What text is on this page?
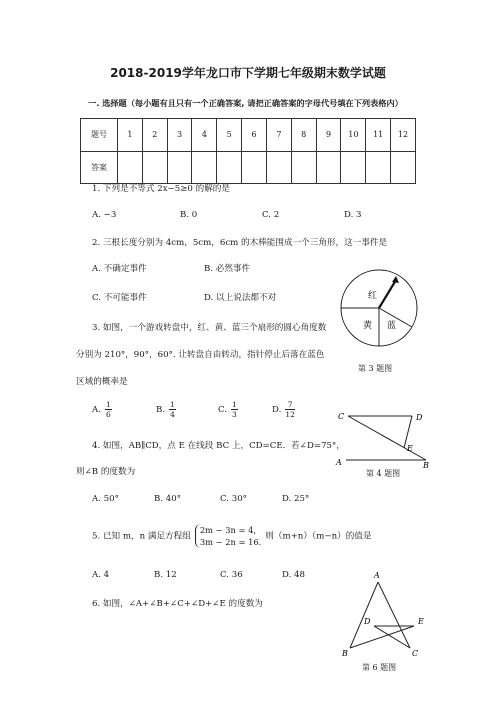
2018-2019学年龙口市下学期七年级期末数学试题
一. 选择题（每小题有且只有一个正确答案, 请把正确答案的字母代号填在下列表格内）
题号	1	2	3	4	5	6	7	8	9	10	11	12
答案												
1. 下列是不等式 2x−5≥0 的解的是
A. −3	B. 0	C. 2	D. 3
2. 三根长度分别为 4cm，5cm，6cm 的木棒能围成一个三角形，这一事件是
A. 不确定事件	B. 必然事件
C. 不可能事件	D. 以上说法都不对	红
黄 蓝
第 3 题图
3. 如图，一个游戏转盘中，红、黄、蓝三个扇形的圆心角度数
分别为 210°，90°，60°. 让转盘自由转动，指针停止后落在蓝色
区域的概率是
A. $\frac{1}{6}$	B. $\frac{1}{4}$	C. $\frac{1}{3}$	D. $\frac{7}{12}$	C	D
E
A	B
第 4 题图
4. 如图，AB∥CD，点 E 在线段 BC 上，CD=CE．若∠D=75°，
则∠B 的度数为
A. 50°	B. 40°	C. 30°	D. 25°
5. 已知 m，n 满足方程组
2m − 3n = 4,
3m − 2n = 16.
则（m+n）（m−n）的值是
A. 4	B. 12	C. 36	D. 48
6. 如图，∠A+∠B+∠C+∠D+∠E 的度数为
A
D	E
B	C
第 6 题图
